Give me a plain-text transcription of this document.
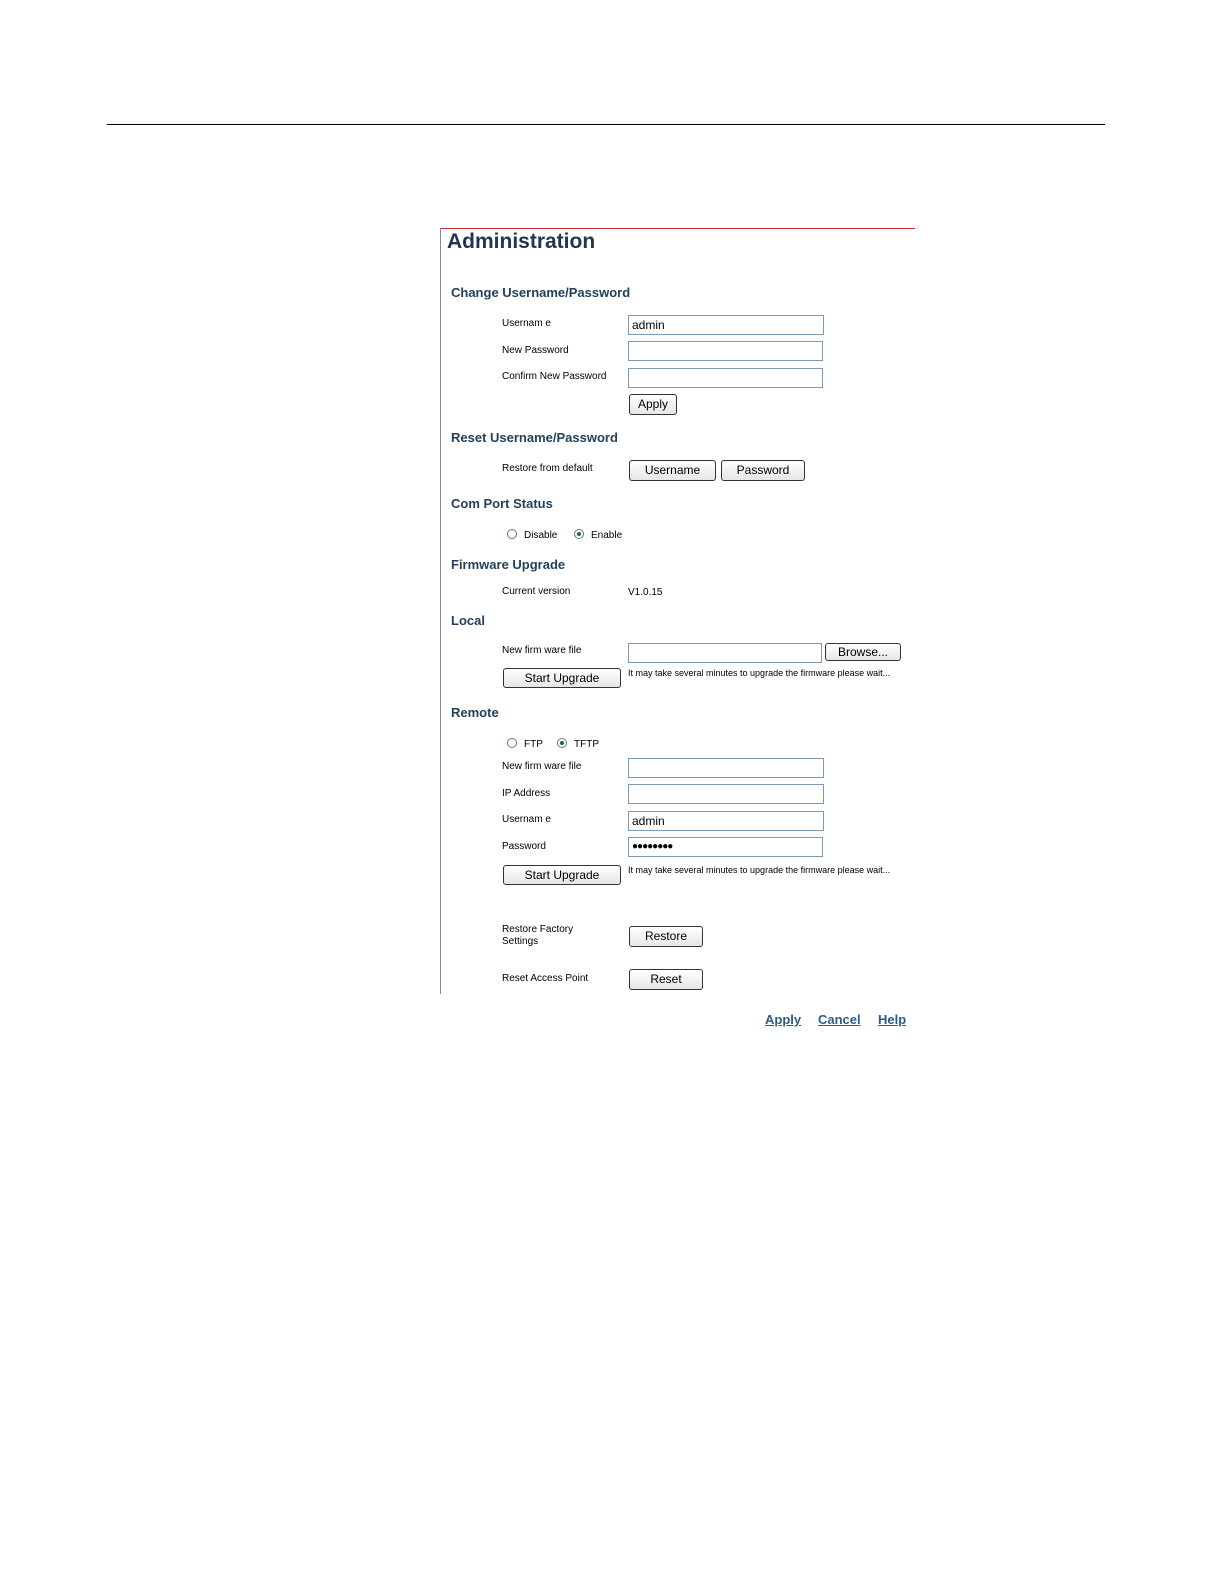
Administration
Change Username/Password
Usernam e	admin
New Password
Confirm New Password
Apply
Reset Username/Password
Restore from default	Username	Password
Com Port Status
Disable	Enable
Firmware Upgrade
Current version	V1.0.15
Local
New firm ware file	Browse...
Start Upgrade	It may take several minutes to upgrade the firmware please wait...
Remote
FTP	TFTP
New firm ware file
IP Address
Usernam e	admin
Password	●●●●●●●●
Start Upgrade	It may take several minutes to upgrade the firmware please wait...
Restore Factory Settings	Restore
Reset Access Point	Reset
Apply Cancel Help
